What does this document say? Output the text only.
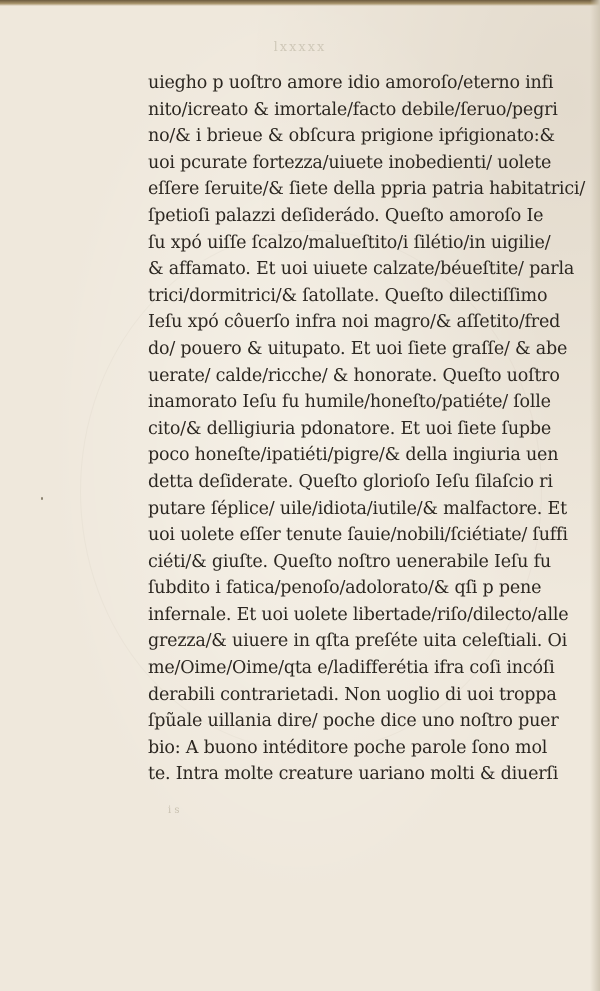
lxxxxx
uiegho p uoſtro amore idio amoroſo/eterno infi
nito/icreato & imortale/facto debile/ſeruo/pegri
no/& i brieue & obſcura prigione ipŕigionato:&
uoi pcurate fortezza/uiuete inobedienti/ uolete
eſſere ſeruite/& ſiete della ppria patria habitatrici/
ſpetioſi palazzi deſiderádo. Queſto amoroſo Ie
ſu xpó uiſſe ſcalzo/malueſtito/i ſilétio/in uigilie/
& affamato. Et uoi uiuete calzate/béueſtite/ parla
trici/dormitrici/& ſatollate. Queſto dilectiſſimo
Ieſu xpó côuerſo infra noi magro/& aſſetito/fred
do/ pouero & uitupato. Et uoi ſiete graſſe/ & abe
uerate/ calde/ricche/ & honorate. Queſto uoſtro
inamorato Ieſu fu humile/honeſto/patiéte/ ſolle
cito/& delligiuria pdonatore. Et uoi ſiete ſupbe
poco honeſte/ipatiéti/pigre/& della ingiuria uen
detta deſiderate. Queſto glorioſo Ieſu ſilaſcio ri
putare ſéplice/ uile/idiota/iutile/& malfactore. Et
uoi uolete eſſer tenute ſauie/nobili/ſciétiate/ ſuffi
ciéti/& giuſte. Queſto noſtro uenerabile Ieſu fu
ſubdito i fatica/penoſo/adolorato/& qſi p pene
infernale. Et uoi uolete libertade/riſo/dilecto/alle
grezza/& uiuere in qſta preſéte uita celeſtiali. Oi
me/Oime/Oime/qta e/ladifferétia ifra coſi incóſi
derabili contrarietadi. Non uoglio di uoi troppa
ſpũale uillania dire/ poche dice uno noſtro puer
bio: A buono intéditore poche parole ſono mol
te. Intra molte creature uariano molti & diuerſi
i s
